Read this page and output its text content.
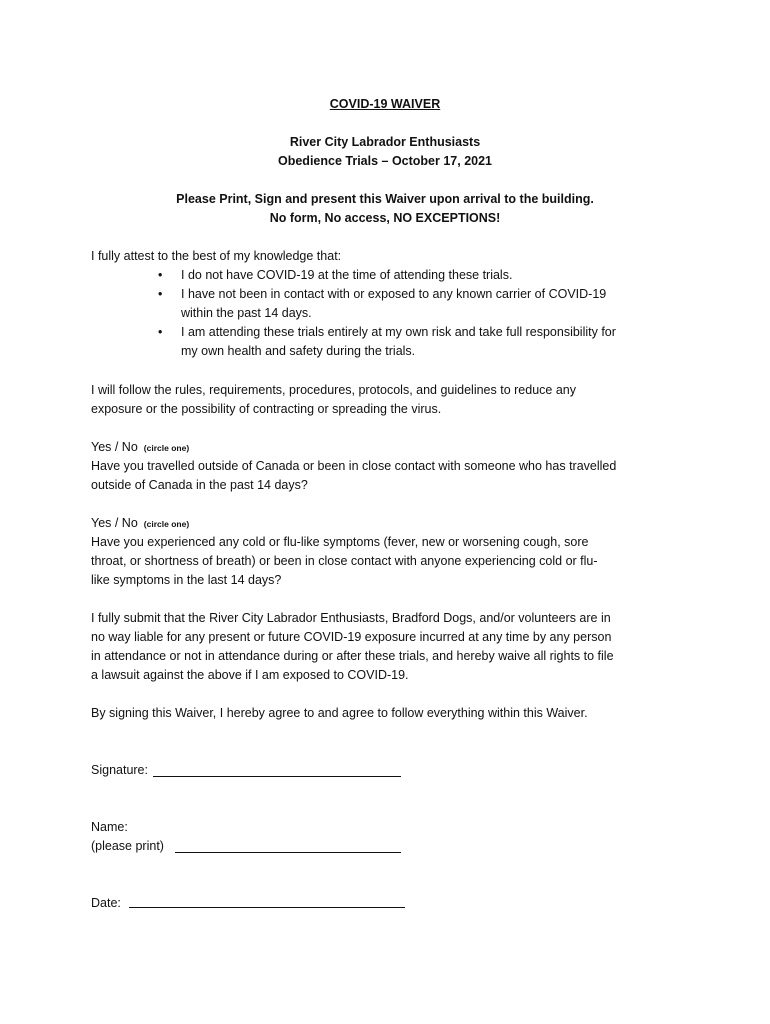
COVID-19 WAIVER
River City Labrador Enthusiasts
Obedience Trials – October 17, 2021
Please Print, Sign and present this Waiver upon arrival to the building.
No form, No access, NO EXCEPTIONS!
I fully attest to the best of my knowledge that:
• I do not have COVID-19 at the time of attending these trials.
• I have not been in contact with or exposed to any known carrier of COVID-19
within the past 14 days.
• I am attending these trials entirely at my own risk and take full responsibility for
my own health and safety during the trials.
I will follow the rules, requirements, procedures, protocols, and guidelines to reduce any
exposure or the possibility of contracting or spreading the virus.
Yes / No (circle one)
Have you travelled outside of Canada or been in close contact with someone who has travelled
outside of Canada in the past 14 days?
Yes / No (circle one)
Have you experienced any cold or flu-like symptoms (fever, new or worsening cough, sore
throat, or shortness of breath) or been in close contact with anyone experiencing cold or flu-
like symptoms in the last 14 days?
I fully submit that the River City Labrador Enthusiasts, Bradford Dogs, and/or volunteers are in
no way liable for any present or future COVID-19 exposure incurred at any time by any person
in attendance or not in attendance during or after these trials, and hereby waive all rights to file
a lawsuit against the above if I am exposed to COVID-19.
By signing this Waiver, I hereby agree to and agree to follow everything within this Waiver.
Signature:
Name:
(please print)
Date:
